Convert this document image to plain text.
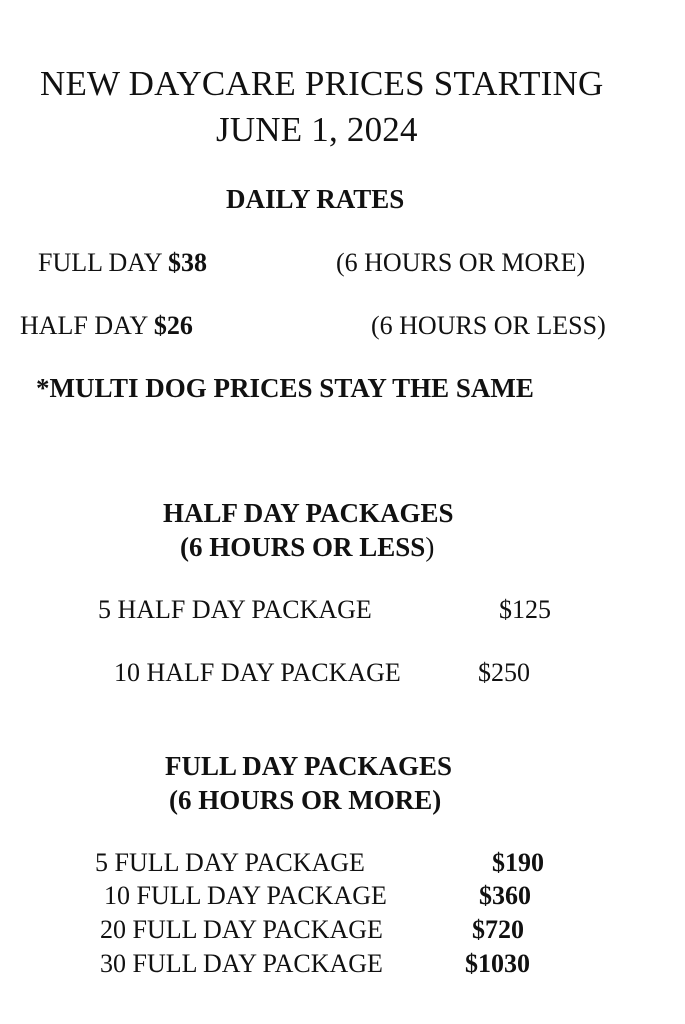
NEW DAYCARE PRICES STARTING
JUNE 1, 2024
DAILY RATES
FULL DAY $38	(6 HOURS OR MORE)
HALF DAY $26	(6 HOURS OR LESS)
*MULTI DOG PRICES STAY THE SAME
HALF DAY PACKAGES
(6 HOURS OR LESS)
5 HALF DAY PACKAGE	$125
10 HALF DAY PACKAGE	$250
FULL DAY PACKAGES
(6 HOURS OR MORE)
5 FULL DAY PACKAGE	$190
10 FULL DAY PACKAGE	$360
20 FULL DAY PACKAGE	$720
30 FULL DAY PACKAGE	$1030
